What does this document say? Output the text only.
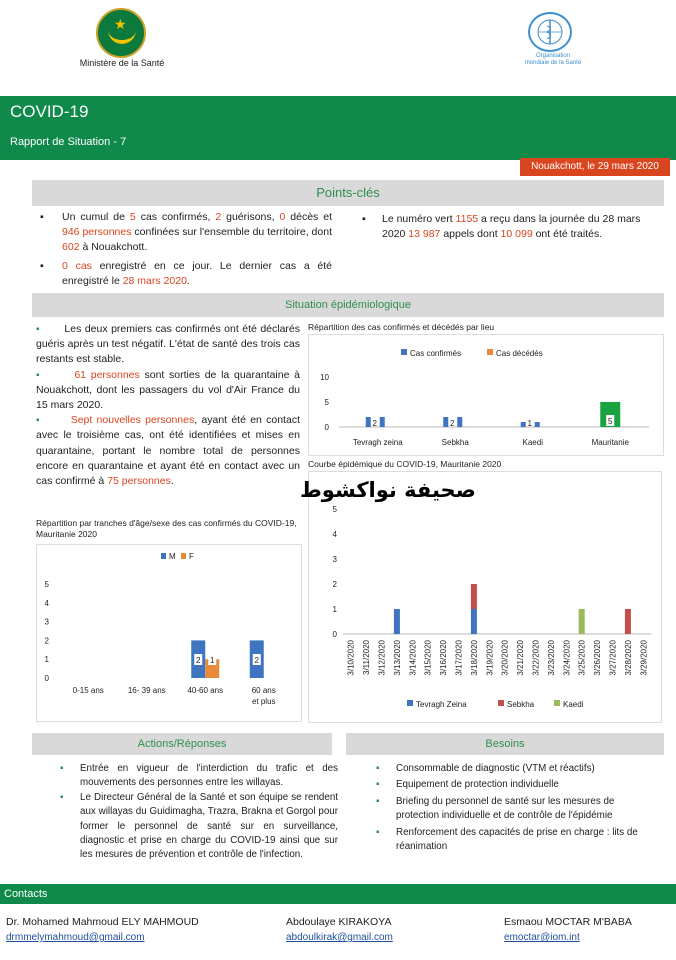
★
Ministère de la Santé
Organisation
mondiale de la Santé
COVID-19
Rapport de Situation - 7
Nouakchott, le 29 mars 2020
Points-clés
▪ Un cumul de 5 cas confirmés, 2 guérisons, 0 décès et 946 personnes confinées sur l'ensemble du territoire, dont 602 à Nouakchott.
▪ 0 cas enregistré en ce jour. Le dernier cas a été enregistré le 28 mars 2020.
▪ Le numéro vert 1155 a reçu dans la journée du 28 mars 2020 13 987 appels dont 10 099 ont été traités.
Situation épidémiologique
▪ Les deux premiers cas confirmés ont été déclarés guéris après un test négatif. L'état de santé des trois cas restants est stable.
▪	61 personnes sont sorties de la quarantaine à Nouakchott, dont les passagers du vol d'Air France du 15 mars 2020.
▪	Sept nouvelles personnes, ayant été en contact avec le troisième cas, ont été identifiées et mises en quarantaine, portant le nombre total de personnes encore en quarantaine et ayant été en contact avec un cas confirmé à 75 personnes.
Répartition des cas confirmés et décédés par lieu
Cas confirmés	Cas décédés
0
5
10
Tevragh zeina
2
Sebkha
2
Kaedi
1
Mauritanie
5
Courbe épidémique du COVID-19, Mauritanie 2020
0
1
2
3
4
5
3/10/2020 3/11/2020 3/12/2020 3/13/2020 3/14/2020 3/15/2020 3/16/2020 3/17/2020 3/18/2020 3/19/2020 3/20/2020 3/21/2020 3/22/2020 3/23/2020 3/24/2020 3/25/2020 3/26/2020 3/27/2020 3/28/2020 3/29/2020
Tevragh Zeina	Sebkha	Kaedi
صحيفة نواكشوط
Répartition par tranches d'âge/sexe des cas confirmés du COVID-19, Mauritanie 2020
M F
0
1
2
3
4
5
0-15 ans	16- 39 ans	40-60 ans
2 1
60 ans
et plus
2
Actions/Réponses	Besoins
▪ Entrée en vigueur de l'interdiction du trafic et des mouvements des personnes entre les willayas.
▪ Le Directeur Général de la Santé et son équipe se rendent aux willayas du Guidimagha, Trazra, Brakna et Gorgol pour former le personnel de santé sur en surveillance, diagnostic et prise en charge du COVID-19 ainsi que sur les mesures de prévention et contrôle de l'infection.
▪ Consommable de diagnostic (VTM et réactifs)
▪ Equipement de protection individuelle
▪ Briefing du personnel de santé sur les mesures de protection individuelle et de contrôle de l'épidémie
▪ Renforcement des capacités de prise en charge : lits de réanimation
Contacts
Dr. Mohamed Mahmoud ELY MAHMOUD
drmmelymahmoud@gmail.com
Abdoulaye KIRAKOYA
abdoulkirak@gmail.com
Esmaou MOCTAR M'BABA
emoctar@iom.int
